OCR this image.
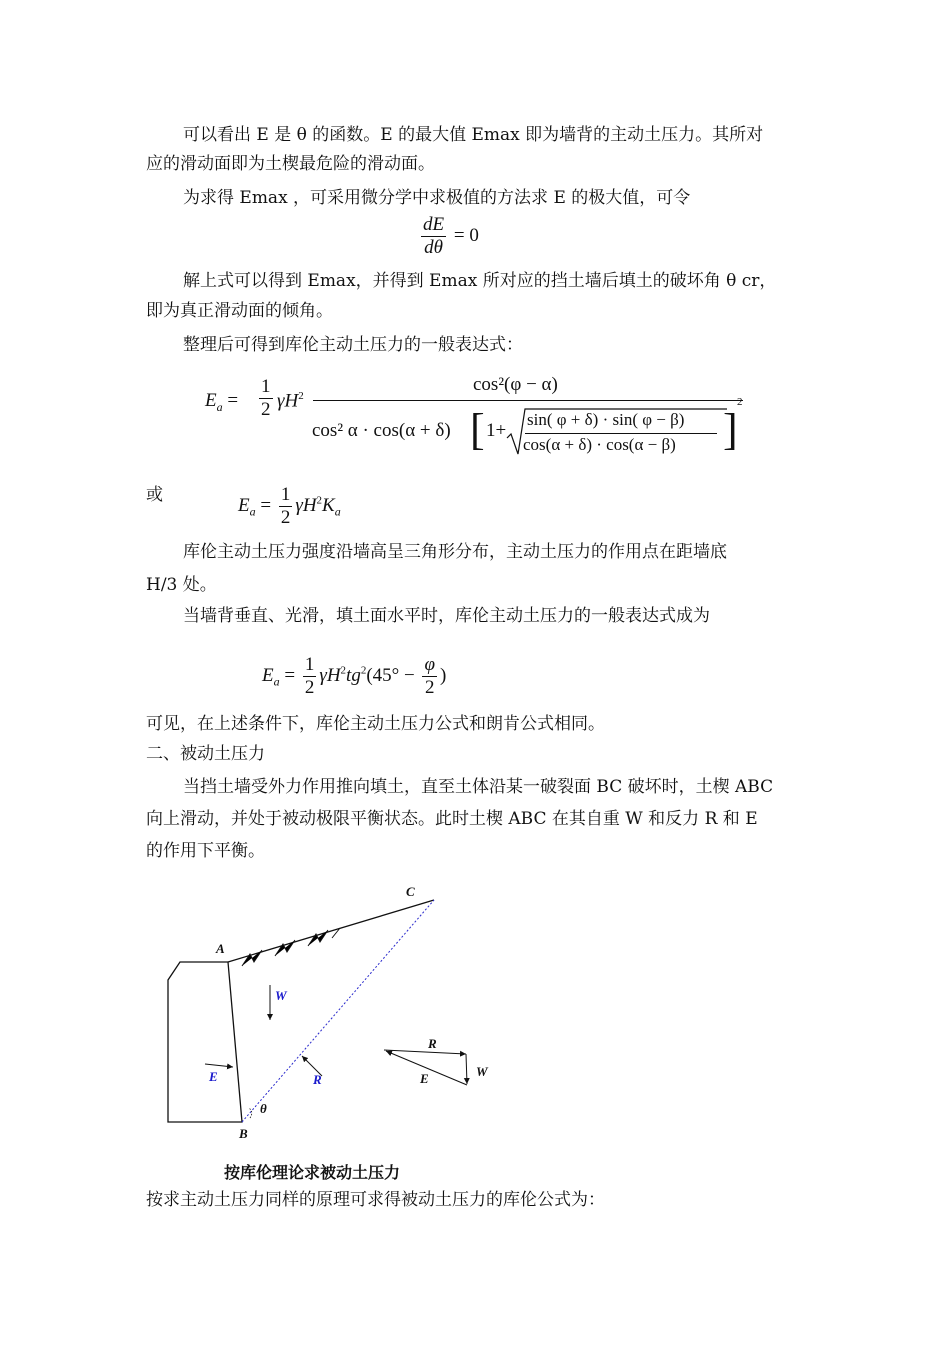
可以看出 E 是 θ 的函数。E 的最大值 Emax 即为墙背的主动土压力。其所对
应的滑动面即为土楔最危险的滑动面。
为求得 Emax ，可采用微分学中求极值的方法求 E 的极大值，可令
$\frac{dE}{d\theta} = 0$
解上式可以得到 Emax，并得到 Emax 所对应的挡土墙后填土的破坏角 θ cr，
即为真正滑动面的倾角。
整理后可得到库伦主动土压力的一般表达式：
$E_a = \frac{1}{2} \gamma H^2$
cos²(φ − α)
cos² α · cos(α + δ) [ 1+
sin( φ + δ) · sin( φ − β)
cos(α + δ) · cos(α − β) ]
2
或	$E_a = \frac{1}{2} \gamma H^2K_a$
库伦主动土压力强度沿墙高呈三角形分布，主动土压力的作用点在距墙底
H/3 处。
当墙背垂直、光滑，填土面水平时，库伦主动土压力的一般表达式成为
$E_a = \frac{1}{2} \gamma H^2tg^2(45^\circ - \frac{\varphi}{2}$ )
可见，在上述条件下，库伦主动土压力公式和朗肯公式相同。
二、被动土压力
当挡土墙受外力作用推向填土，直至土体沿某一破裂面 BC 破坏时，土楔 ABC
向上滑动，并处于被动极限平衡状态。此时土楔 ABC 在其自重 W 和反力 R 和 E
的作用下平衡。
C
A
B
W
E	R
θ
R
E	W
按库伦理论求被动土压力
按求主动土压力同样的原理可求得被动土压力的库伦公式为：
